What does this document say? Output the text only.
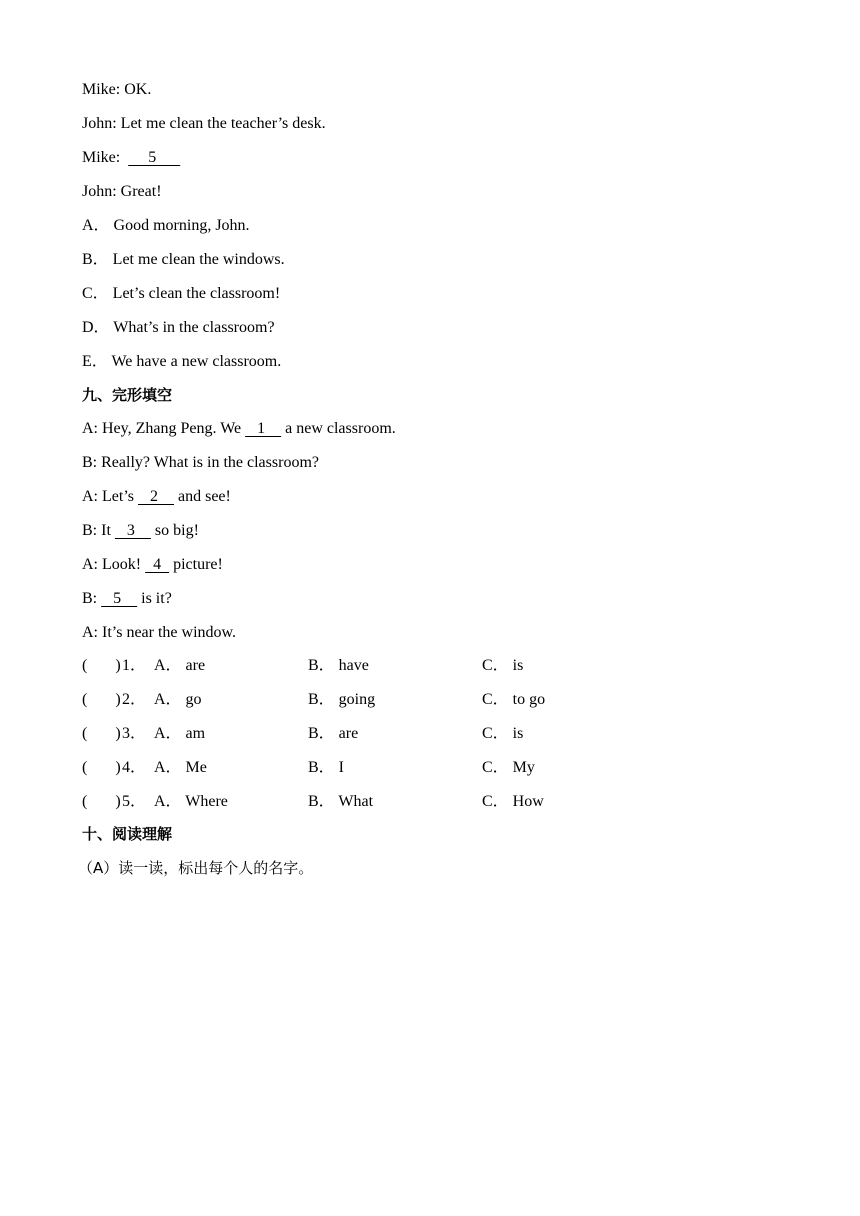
Mike: OK.
John: Let me clean the teacher’s desk.
Mike:       5
John: Great!
A． Good morning, John.
B． Let me clean the windows.
C． Let’s clean the classroom!
D． What’s in the classroom?
E． We have a new classroom.
九、完形填空
A: Hey, Zhang Peng. We    1     a new classroom.
B: Really? What is in the classroom?
A: Let’s    2     and see!
B: It    3     so big!
A: Look!   4   picture!
B:    5     is it?
A: It’s near the window.
(       ) 1． A． are	B． have	C． is
(       ) 2． A． go	B． going	C． to go
(       ) 3． A． am	B． are	C． is
(       ) 4． A． Me	B． I	C． My
(       ) 5． A． Where	B． What	C． How
十、阅读理解
（A）读一读，标出每个人的名字。
